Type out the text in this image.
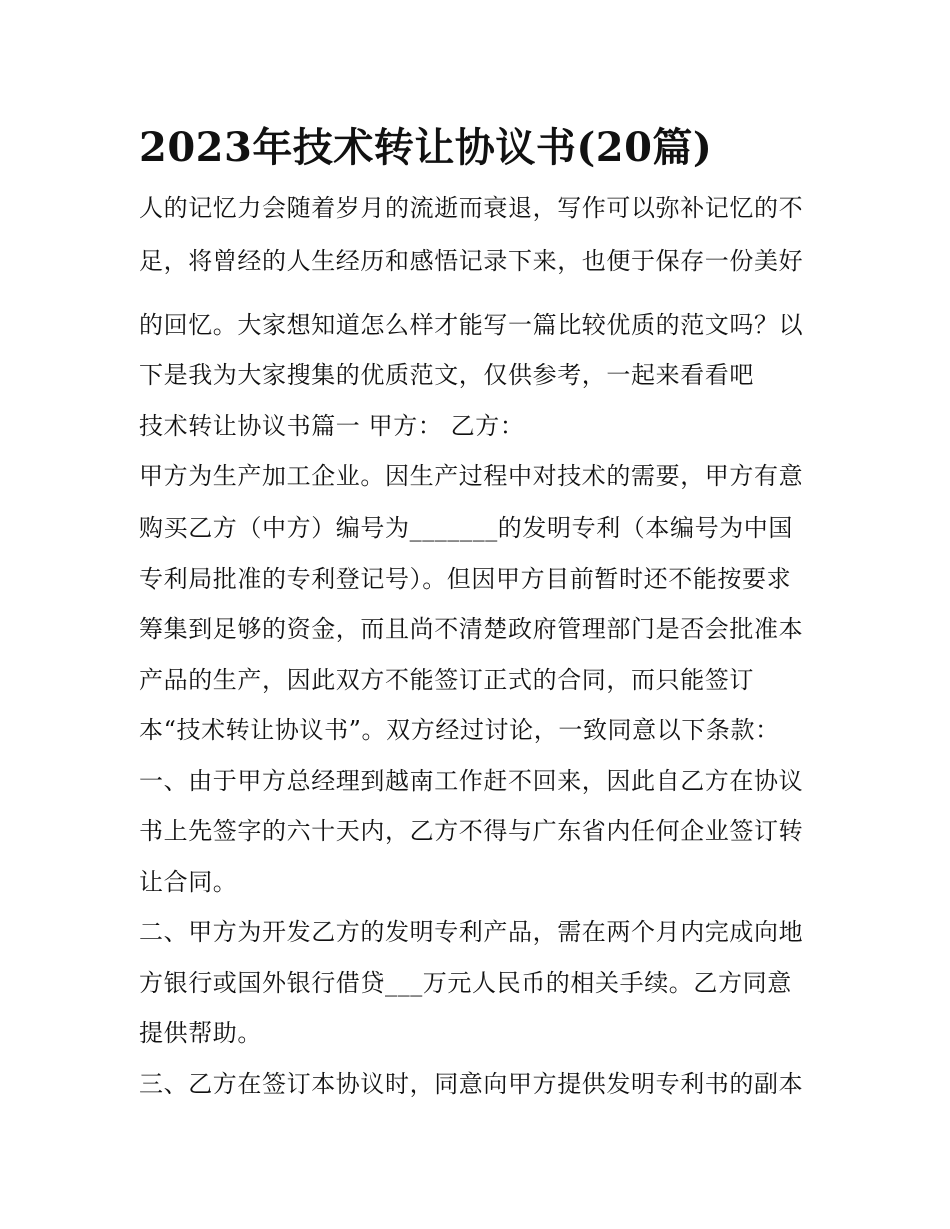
2023年技术转让协议书(20篇)
人的记忆力会随着岁月的流逝而衰退，写作可以弥补记忆的不
足，将曾经的人生经历和感悟记录下来，也便于保存一份美好
的回忆。大家想知道怎么样才能写一篇比较优质的范文吗？以
下是我为大家搜集的优质范文，仅供参考，一起来看看吧
技术转让协议书篇一 甲方： 乙方：
甲方为生产加工企业。因生产过程中对技术的需要，甲方有意
购买乙方（中方）编号为_______的发明专利（本编号为中国
专利局批准的专利登记号）。但因甲方目前暂时还不能按要求
筹集到足够的资金，而且尚不清楚政府管理部门是否会批准本
产品的生产，因此双方不能签订正式的合同，而只能签订
本“技术转让协议书”。双方经过讨论，一致同意以下条款：
一、由于甲方总经理到越南工作赶不回来，因此自乙方在协议
书上先签字的六十天内，乙方不得与广东省内任何企业签订转
让合同。
二、甲方为开发乙方的发明专利产品，需在两个月内完成向地
方银行或国外银行借贷___万元人民币的相关手续。乙方同意
提供帮助。
三、乙方在签订本协议时，同意向甲方提供发明专利书的副本
